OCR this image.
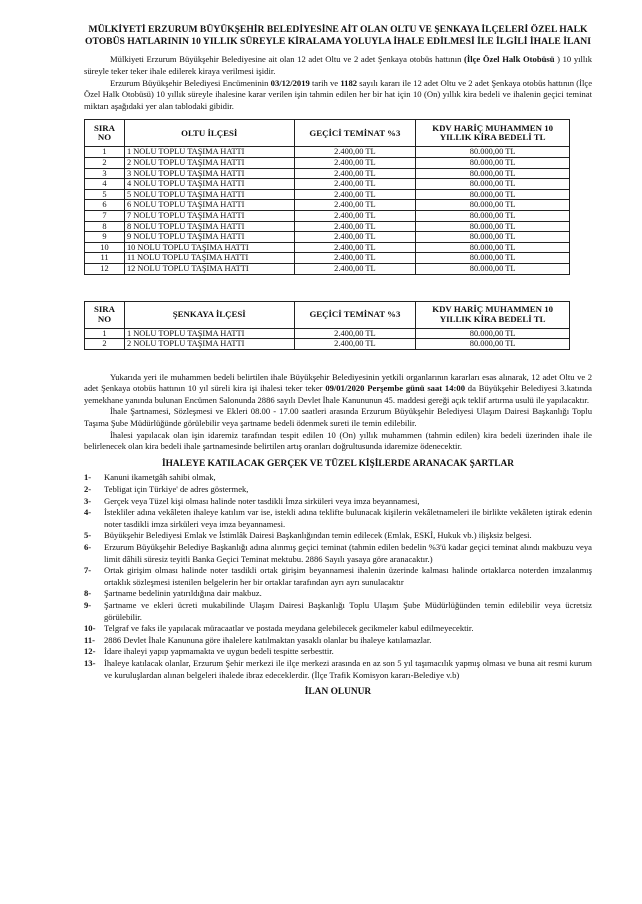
MÜLKİYETİ ERZURUM BÜYÜKŞEHİR BELEDİYESİNE AİT OLAN OLTU VE ŞENKAYA İLÇELERİ ÖZEL HALK OTOBÜS HATLARININ 10 YILLIK SÜREYLE KİRALAMA YOLUYLA İHALE EDİLMESİ İLE İLGİLİ İHALE İLANI

Mülkiyeti Erzurum Büyükşehir Belediyesine ait olan 12 adet Oltu ve 2 adet Şenkaya otobüs hattının (İlçe Özel Halk Otobüsü ) 10 yıllık süreyle teker teker ihale edilerek kiraya verilmesi işidir.

Erzurum Büyükşehir Belediyesi Encümeninin 03/12/2019 tarih ve 1182 sayılı kararı ile 12 adet Oltu ve 2 adet Şenkaya otobüs hattının (İlçe Özel Halk Otobüsü) 10 yıllık süreyle ihalesine karar verilen işin tahmin edilen her bir hat için 10 (On) yıllık kira bedeli ve ihalenin geçici teminat miktarı aşağıdaki yer alan tablodaki gibidir.

SIRA NO	OLTU İLÇESİ	GEÇİCİ TEMİNAT %3	KDV HARİÇ MUHAMMEN 10 YILLIK KİRA BEDELİ TL
1	1 NOLU TOPLU TAŞIMA HATTI	2.400,00 TL	80.000,00 TL
2	2 NOLU TOPLU TAŞIMA HATTI	2.400,00 TL	80.000,00 TL
3	3 NOLU TOPLU TAŞIMA HATTI	2.400,00 TL	80.000,00 TL
4	4 NOLU TOPLU TAŞIMA HATTI	2.400,00 TL	80.000,00 TL
5	5 NOLU TOPLU TAŞIMA HATTI	2.400,00 TL	80.000,00 TL
6	6 NOLU TOPLU TAŞIMA HATTI	2.400,00 TL	80.000,00 TL
7	7 NOLU TOPLU TAŞIMA HATTI	2.400,00 TL	80.000,00 TL
8	8 NOLU TOPLU TAŞIMA HATTI	2.400,00 TL	80.000,00 TL
9	9 NOLU TOPLU TAŞIMA HATTI	2.400,00 TL	80.000,00 TL
10	10 NOLU TOPLU TAŞIMA HATTI	2.400,00 TL	80.000,00 TL
11	11 NOLU TOPLU TAŞIMA HATTI	2.400,00 TL	80.000,00 TL
12	12 NOLU TOPLU TAŞIMA HATTI	2.400,00 TL	80.000,00 TL
SIRA NO	ŞENKAYA İLÇESİ	GEÇİCİ TEMİNAT %3	KDV HARİÇ MUHAMMEN 10 YILLIK KİRA BEDELİ TL
1	1 NOLU TOPLU TAŞIMA HATTI	2.400,00 TL	80.000,00 TL
2	2 NOLU TOPLU TAŞIMA HATTI	2.400,00 TL	80.000,00 TL

Yukarıda yeri ile muhammen bedeli belirtilen ihale Büyükşehir Belediyesinin yetkili organlarının kararları esas alınarak, 12 adet Oltu ve 2 adet Şenkaya otobüs hattının 10 yıl süreli kira işi ihalesi teker teker 09/01/2020 Perşembe günü saat 14:00 da Büyükşehir Belediyesi 3.katında yemekhane yanında bulunan Encümen Salonunda 2886 sayılı Devlet İhale Kanununun 45. maddesi gereği açık teklif artırma usulü ile yapılacaktır.

İhale Şartnamesi, Sözleşmesi ve Ekleri 08.00 - 17.00 saatleri arasında Erzurum Büyükşehir Belediyesi Ulaşım Dairesi Başkanlığı Toplu Taşıma Şube Müdürlüğünde görülebilir veya şartname bedeli ödenmek sureti ile temin edilebilir.

İhalesi yapılacak olan işin idaremiz tarafından tespit edilen 10 (On) yıllık muhammen (tahmin edilen) kira bedeli üzerinden ihale ile belirlenecek olan kira bedeli ihale şartnamesinde belirtilen artış oranları doğrultusunda idaremize ödenecektir.

İHALEYE KATILACAK GERÇEK VE TÜZEL KİŞİLERDE ARANACAK ŞARTLAR
1- Kanuni ikametgâh sahibi olmak,
2- Tebligat için Türkiye' de adres göstermek,
3- Gerçek veya Tüzel kişi olması halinde noter tasdikli İmza sirküleri veya imza beyannamesi,
4- İstekliler adına vekâleten ihaleye katılım var ise, istekli adına teklifte bulunacak kişilerin vekâletnameleri ile birlikte vekâleten iştirak edenin noter tasdikli imza sirküleri veya imza beyannamesi.
5- Büyükşehir Belediyesi Emlak ve İstimlâk Dairesi Başkanlığından temin edilecek (Emlak, ESKİ, Hukuk vb.) ilişksiz belgesi.
6- Erzurum Büyükşehir Belediye Başkanlığı adına alınmış geçici teminat (tahmin edilen bedelin %3'ü kadar geçici teminat alındı makbuzu veya limit dâhili süresiz teyitli Banka Geçici Teminat mektubu. 2886 Sayılı yasaya göre aranacaktır.)
7- Ortak girişim olması halinde noter tasdikli ortak girişim beyannamesi ihalenin üzerinde kalması halinde ortaklarca noterden imzalanmış ortaklık sözleşmesi istenilen belgelerin her bir ortaklar tarafından ayrı ayrı sunulacaktır
8- Şartname bedelinin yatırıldığına dair makbuz.
9- Şartname ve ekleri ücreti mukabilinde Ulaşım Dairesi Başkanlığı Toplu Ulaşım Şube Müdürlüğünden temin edilebilir veya ücretsiz görülebilir.
10- Telgraf ve faks ile yapılacak müracaatlar ve postada meydana gelebilecek gecikmeler kabul edilmeyecektir.
11- 2886 Devlet İhale Kanununa göre ihalelere katılmaktan yasaklı olanlar bu ihaleye katılamazlar.
12- İdare ihaleyi yapıp yapmamakta ve uygun bedeli tespitte serbesttir.
13- İhaleye katılacak olanlar, Erzurum Şehir merkezi ile ilçe merkezi arasında en az son 5 yıl taşımacılık yapmış olması ve buna ait resmi kurum ve kuruluşlardan alınan belgeleri ihalede ibraz edeceklerdir. (İlçe Trafik Komisyon kararı-Belediye v.b)
İLAN OLUNUR
